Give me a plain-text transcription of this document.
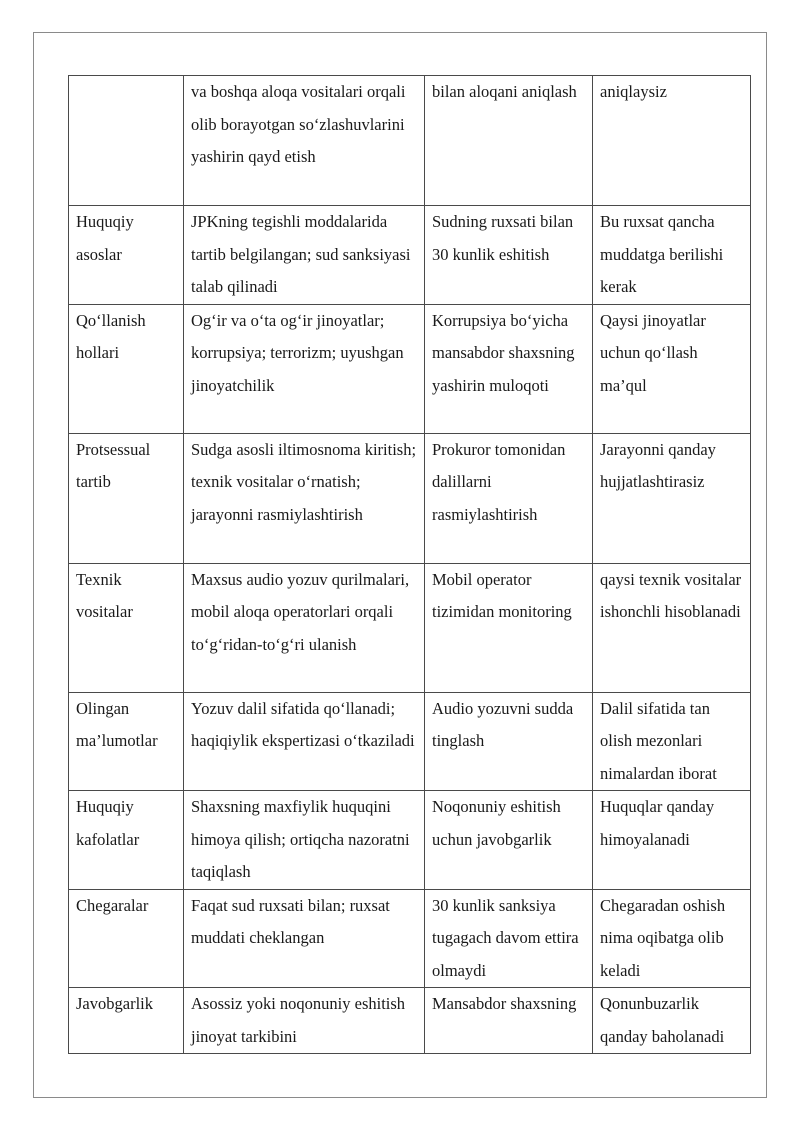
	va boshqa aloqa vositalari orqali olib borayotgan so‘zlashuvlarini yashirin qayd etish	bilan aloqani aniqlash	aniqlaysiz
Huquqiy asoslar	JPKning tegishli moddalarida tartib belgilangan; sud sanksiyasi talab qilinadi	Sudning ruxsati bilan 30 kunlik eshitish	Bu ruxsat qancha muddatga berilishi kerak
Qo‘llanish hollari	Og‘ir va o‘ta og‘ir jinoyatlar; korrupsiya; terrorizm; uyushgan jinoyatchilik	Korrupsiya bo‘yicha mansabdor shaxsning yashirin muloqoti	Qaysi jinoyatlar uchun qo‘llash ma’qul
Protsessual tartib	Sudga asosli iltimosnoma kiritish; texnik vositalar o‘rnatish; jarayonni rasmiylashtirish	Prokuror tomonidan dalillarni rasmiylashtirish	Jarayonni qanday hujjatlashtirasiz
Texnik vositalar	Maxsus audio yozuv qurilmalari, mobil aloqa operatorlari orqali to‘g‘ridan-to‘g‘ri ulanish	Mobil operator tizimidan monitoring	qaysi texnik vositalar ishonchli hisoblanadi
Olingan ma’lumotlar	Yozuv dalil sifatida qo‘llanadi; haqiqiylik ekspertizasi o‘tkaziladi	Audio yozuvni sudda tinglash	Dalil sifatida tan olish mezonlari nimalardan iborat
Huquqiy kafolatlar	Shaxsning maxfiylik huquqini himoya qilish; ortiqcha nazoratni taqiqlash	Noqonuniy eshitish uchun javobgarlik	Huquqlar qanday himoyalanadi
Chegaralar	Faqat sud ruxsati bilan; ruxsat muddati cheklangan	30 kunlik sanksiya tugagach davom ettira olmaydi	Chegaradan oshish nima oqibatga olib keladi
Javobgarlik	Asossiz yoki noqonuniy eshitish jinoyat tarkibini	Mansabdor shaxsning	Qonunbuzarlik qanday baholanadi
